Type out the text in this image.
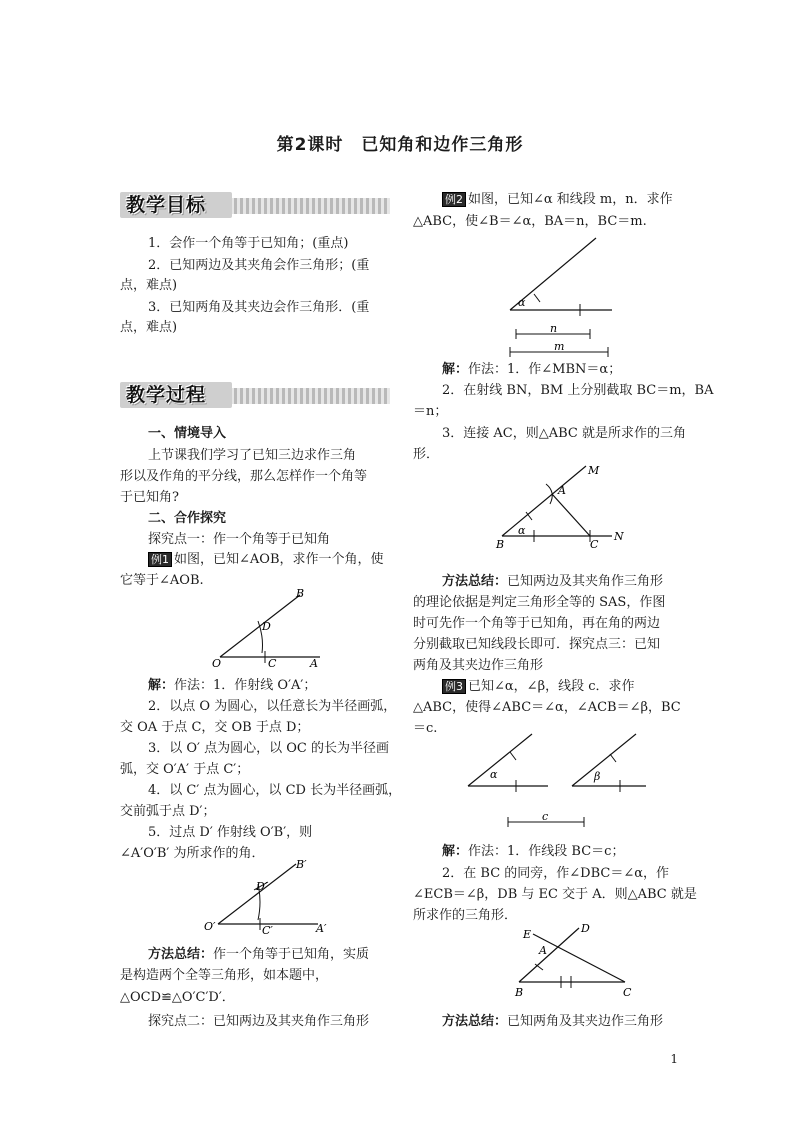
第2课时　已知角和边作三角形
教学目标
1．会作一个角等于已知角；(重点)
2．已知两边及其夹角会作三角形；(重
点，难点)
3．已知两角及其夹边会作三角形．(重
点，难点)
教学过程
一、情境导入
上节课我们学习了已知三边求作三角
形以及作角的平分线，那么怎样作一个角等
于已知角?
二、合作探究
探究点一：作一个角等于已知角
例1 如图，已知∠AOB，求作一个角，使
它等于∠AOB.
B
D
O	C	A
解：作法：1．作射线 O′A′；
2．以点 O 为圆心，以任意长为半径画弧，
交 OA 于点 C，交 OB 于点 D；
3．以 O′ 点为圆心，以 OC 的长为半径画
弧，交 O′A′ 于点 C′；
4．以 C′ 点为圆心，以 CD 长为半径画弧，
交前弧于点 D′；
5．过点 D′ 作射线 O′B′，则
∠A′O′B′ 为所求作的角．
B′
D′
O′	C′	A′
方法总结：作一个角等于已知角，实质
是构造两个全等三角形，如本题中，
△OCD≌△O′C′D′．
探究点二：已知两边及其夹角作三角形
例2 如图，已知∠α 和线段 m，n．求作
△ABC，使∠B＝∠α，BA＝n，BC＝m.
α
n
m
解：作法：1．作∠MBN＝α；
2．在射线 BN，BM 上分别截取 BC＝m，BA
＝n；
3．连接 AC，则△ABC 就是所求作的三角
形．
M
A
α
B	C
N
方法总结：已知两边及其夹角作三角形
的理论依据是判定三角形全等的 SAS，作图
时可先作一个角等于已知角，再在角的两边
分别截取已知线段长即可．探究点三：已知
两角及其夹边作三角形
例3 已知∠α，∠β，线段 c．求作
△ABC，使得∠ABC＝∠α，∠ACB＝∠β，BC
＝c.
α	β
c
解：作法：1．作线段 BC＝c；
2．在 BC 的同旁，作∠DBC＝∠α，作
∠ECB＝∠β，DB 与 EC 交于 A．则△ABC 就是
所求作的三角形．
E	D
A
B	C
方法总结：已知两角及其夹边作三角形
1
